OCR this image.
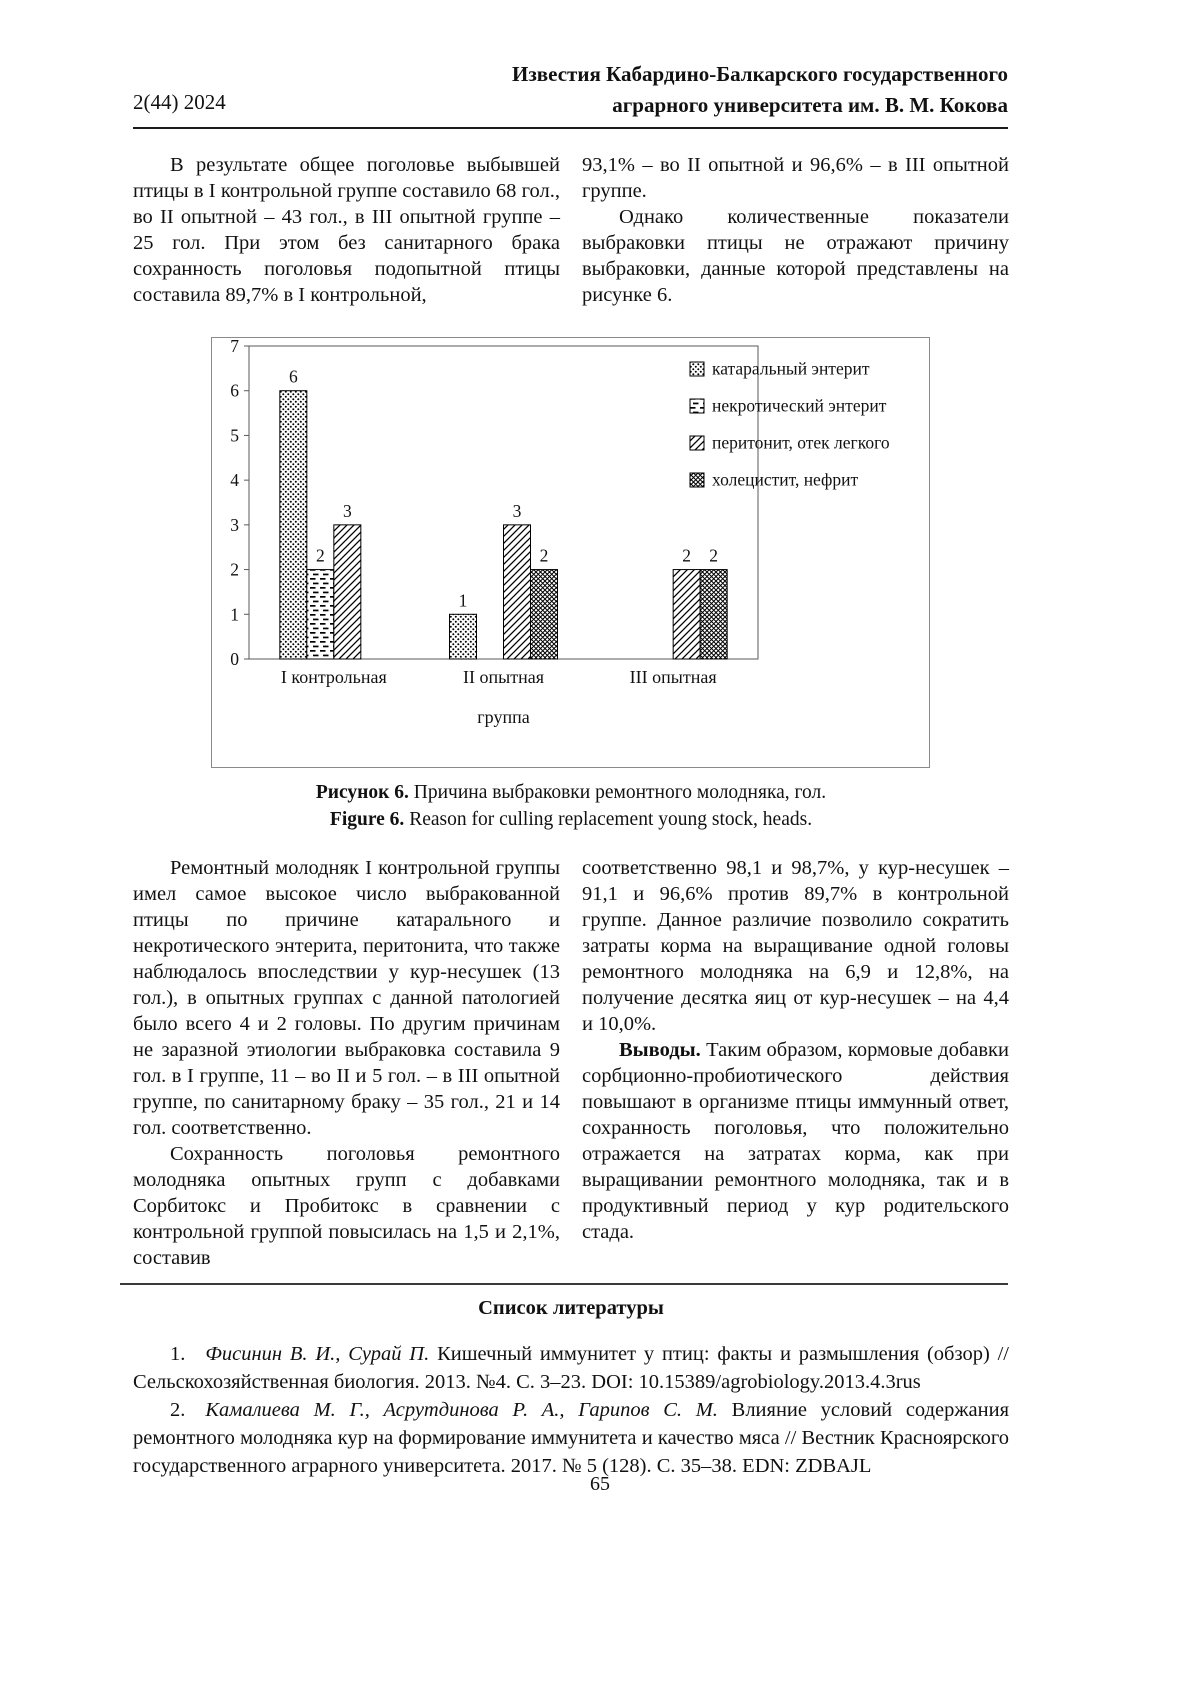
2(44) 2024
Известия Кабардино-Балкарского государственного
аграрного университета им. В. М. Кокова

В результате общее поголовье выбывшей птицы в I контрольной группе составило 68 гол., во II опытной – 43 гол., в III опытной группе – 25 гол. При этом без санитарного брака сохранность поголовья подопытной птицы составила 89,7% в I контрольной,

93,1% – во II опытной и 96,6% – в III опытной группе.

Однако количественные показатели выбраковки птицы не отражают причину выбраковки, данные которой представлены на рисунке 6.

0
1
2
3
4
5
6
7
6
2
3
I контрольная
1
3
2
II опытная
2 2
III опытная
группа
катаральный энтерит
некротический энтерит
перитонит, отек легкого
холецистит, нефрит
Рисунок 6. Причина выбраковки ремонтного молодняка, гол.
Figure 6. Reason for culling replacement young stock, heads.

Ремонтный молодняк I контрольной группы имел самое высокое число выбракованной птицы по причине катарального и некротического энтерита, перитонита, что также наблюдалось впоследствии у кур-несушек (13 гол.), в опытных группах с данной патологией было всего 4 и 2 головы. По другим причинам не заразной этиологии выбраковка составила 9 гол. в I группе, 11 – во II и 5 гол. – в III опытной группе, по санитарному браку – 35 гол., 21 и 14 гол. соответственно.

Сохранность поголовья ремонтного молодняка опытных групп с добавками Сорбитокс и Пробитокс в сравнении с контрольной группой повысилась на 1,5 и 2,1%, составив

соответственно 98,1 и 98,7%, у кур-несушек – 91,1 и 96,6% против 89,7% в контрольной группе. Данное различие позволило сократить затраты корма на выращивание одной головы ремонтного молодняка на 6,9 и 12,8%, на получение десятка яиц от кур-несушек – на 4,4 и 10,0%.

Выводы. Таким образом, кормовые добавки сорбционно-пробиотического действия повышают в организме птицы иммунный ответ, сохранность поголовья, что положительно отражается на затратах корма, как при выращивании ремонтного молодняка, так и в продуктивный период у кур родительского стада.

Список литературы

1. Фисинин В. И., Сурай П. Кишечный иммунитет у птиц: факты и размышления (обзор) // Сельскохозяйственная биология. 2013. №4. С. 3–23. DOI: 10.15389/agrobiology.2013.4.3rus

2. Камалиева М. Г., Асрутдинова Р. А., Гарипов С. М. Влияние условий содержания ремонтного молодняка кур на формирование иммунитета и качество мяса // Вестник Красноярского государственного аграрного университета. 2017. № 5 (128). С. 35–38. EDN: ZDBAJL

65
